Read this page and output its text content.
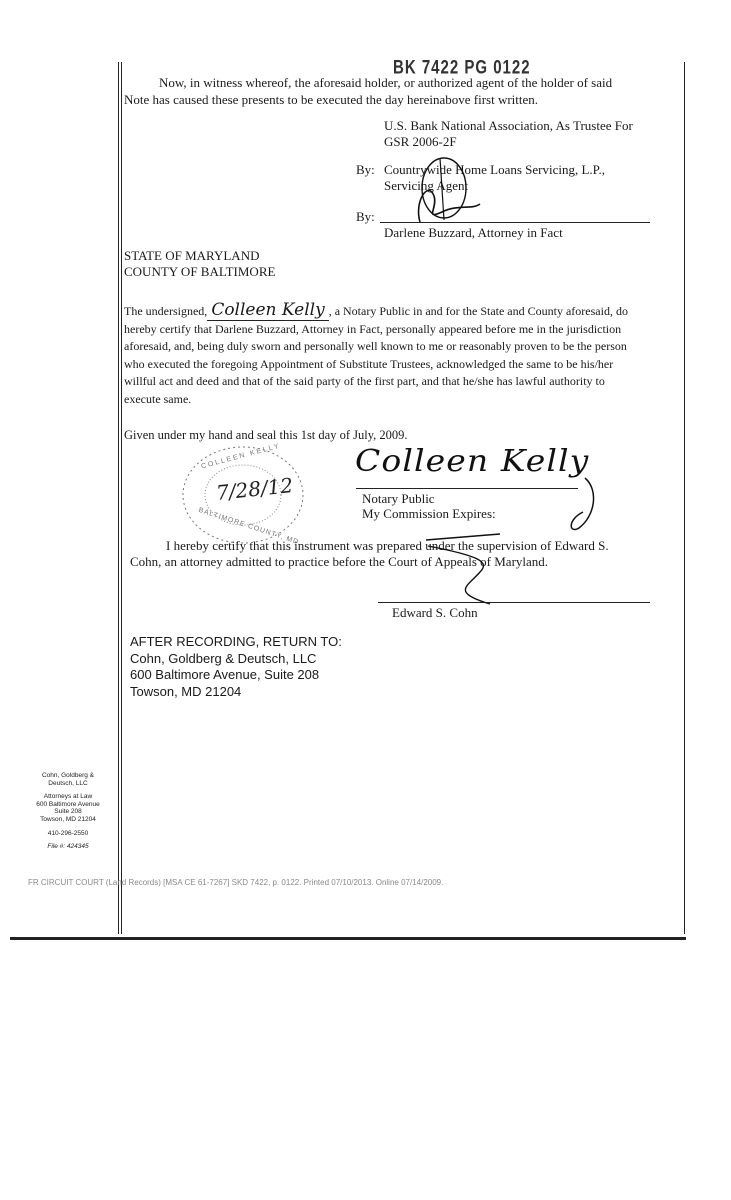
BK 7422 PG 0122
Now, in witness whereof, the aforesaid holder, or authorized agent of the holder of said
Note has caused these presents to be executed the day hereinabove first written.
U.S. Bank National Association, As Trustee For
GSR 2006-2F
By: Countrywide Home Loans Servicing, L.P.,
Servicing Agent
By:
Darlene Buzzard, Attorney in Fact
STATE OF MARYLAND
COUNTY OF BALTIMORE
The undersigned, Colleen Kelly , a Notary Public in and for the State and County aforesaid, do
hereby certify that Darlene Buzzard, Attorney in Fact, personally appeared before me in the jurisdiction
aforesaid, and, being duly sworn and personally well known to me or reasonably proven to be the person
who executed the foregoing Appointment of Substitute Trustees, acknowledged the same to be his/her
willful act and deed and that of the said party of the first part, and that he/she has lawful authority to
execute same.
Given under my hand and seal this 1st day of July, 2009.
COLLEEN KELLY
BALTIMORE COUNTY, MD
7/28/12
Colleen Kelly
Notary Public
My Commission Expires:
I hereby certify that this instrument was prepared under the supervision of Edward S.
Cohn, an attorney admitted to practice before the Court of Appeals of Maryland.
Edward S. Cohn
AFTER RECORDING, RETURN TO:
Cohn, Goldberg & Deutsch, LLC
600 Baltimore Avenue, Suite 208
Towson, MD 21204
Cohn, Goldberg &
Deutsch, LLC
Attorneys at Law
600 Baltimore Avenue
Suite 208
Towson, MD 21204
410-296-2550
File #: 424345
FR CIRCUIT COURT (Land Records) [MSA CE 61-7267] SKD 7422, p. 0122. Printed 07/10/2013. Online 07/14/2009.
